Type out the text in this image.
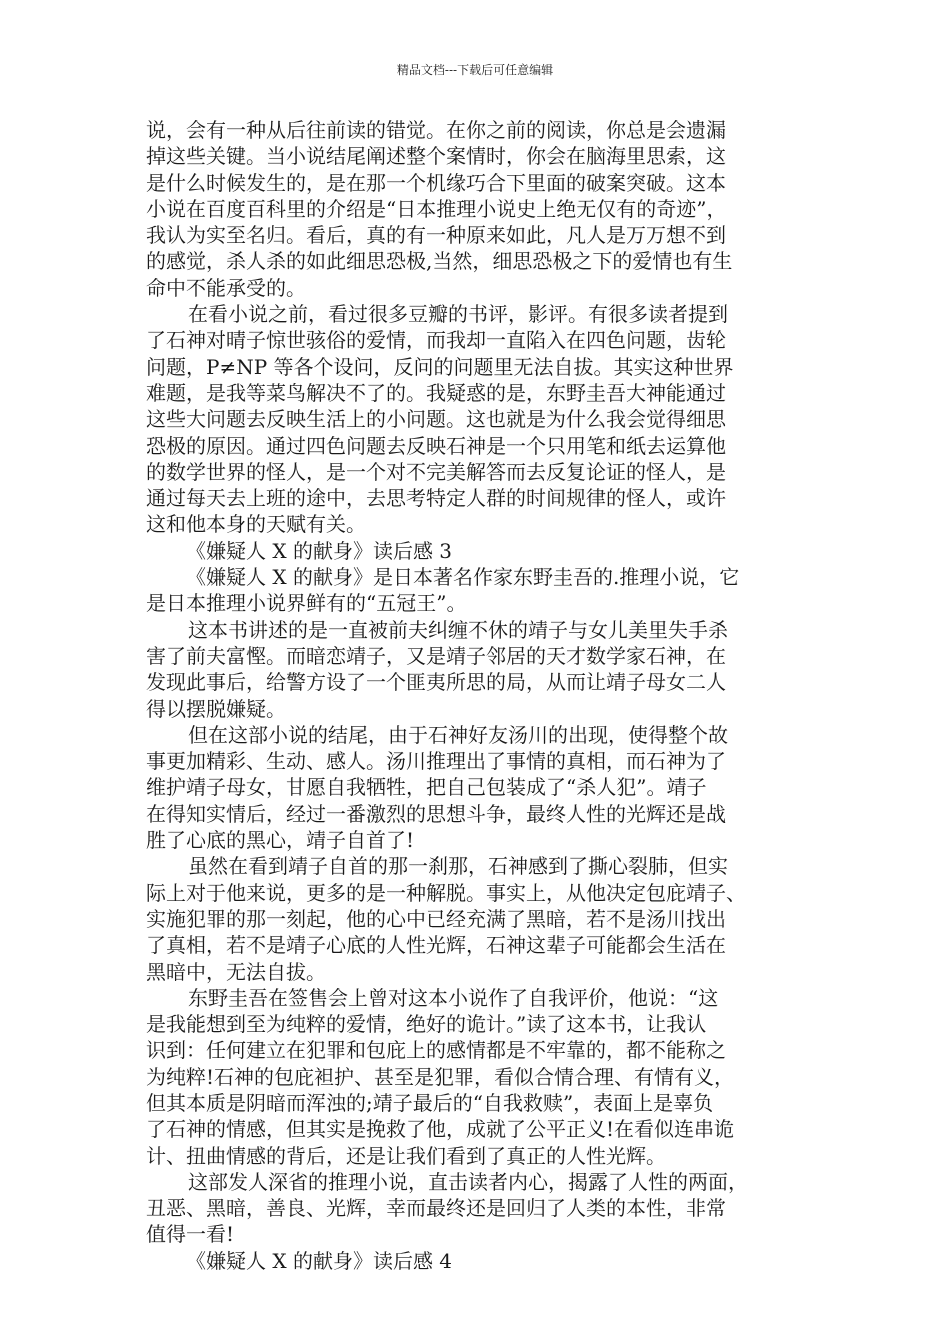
精品文档---下载后可任意编辑
说，会有一种从后往前读的错觉。在你之前的阅读，你总是会遗漏
掉这些关键。当小说结尾阐述整个案情时，你会在脑海里思索，这
是什么时候发生的，是在那一个机缘巧合下里面的破案突破。这本
小说在百度百科里的介绍是“日本推理小说史上绝无仅有的奇迹”，
我认为实至名归。看后，真的有一种原来如此，凡人是万万想不到
的感觉，杀人杀的如此细思恐极,当然，细思恐极之下的爱情也有生
命中不能承受的。
在看小说之前，看过很多豆瓣的书评，影评。有很多读者提到
了石神对晴子惊世骇俗的爱情，而我却一直陷入在四色问题，齿轮
问题，P≠NP 等各个设问，反问的问题里无法自拔。其实这种世界
难题，是我等菜鸟解决不了的。我疑惑的是，东野圭吾大神能通过
这些大问题去反映生活上的小问题。这也就是为什么我会觉得细思
恐极的原因。通过四色问题去反映石神是一个只用笔和纸去运算他
的数学世界的怪人，是一个对不完美解答而去反复论证的怪人，是
通过每天去上班的途中，去思考特定人群的时间规律的怪人，或许
这和他本身的天赋有关。
《嫌疑人 X 的献身》读后感 3
《嫌疑人 X 的献身》是日本著名作家东野圭吾的.推理小说，它
是日本推理小说界鲜有的“五冠王”。
这本书讲述的是一直被前夫纠缠不休的靖子与女儿美里失手杀
害了前夫富慳。而暗恋靖子，又是靖子邻居的天才数学家石神，在
发现此事后，给警方设了一个匪夷所思的局，从而让靖子母女二人
得以摆脱嫌疑。
但在这部小说的结尾，由于石神好友汤川的出现，使得整个故
事更加精彩、生动、感人。汤川推理出了事情的真相，而石神为了
维护靖子母女，甘愿自我牺牲，把自己包装成了“杀人犯”。靖子
在得知实情后，经过一番激烈的思想斗争，最终人性的光辉还是战
胜了心底的黑心，靖子自首了!
虽然在看到靖子自首的那一刹那，石神感到了撕心裂肺，但实
际上对于他来说，更多的是一种解脱。事实上，从他决定包庇靖子、
实施犯罪的那一刻起，他的心中已经充满了黑暗，若不是汤川找出
了真相，若不是靖子心底的人性光辉，石神这辈子可能都会生活在
黑暗中，无法自拔。
东野圭吾在签售会上曾对这本小说作了自我评价，他说：“这
是我能想到至为纯粹的爱情，绝好的诡计。”读了这本书，让我认
识到：任何建立在犯罪和包庇上的感情都是不牢靠的，都不能称之
为纯粹!石神的包庇袒护、甚至是犯罪，看似合情合理、有情有义，
但其本质是阴暗而浑浊的;靖子最后的“自我救赎”，表面上是辜负
了石神的情感，但其实是挽救了他，成就了公平正义!在看似连串诡
计、扭曲情感的背后，还是让我们看到了真正的人性光辉。
这部发人深省的推理小说，直击读者内心，揭露了人性的两面，
丑恶、黑暗，善良、光辉，幸而最终还是回归了人类的本性，非常
值得一看!
《嫌疑人 X 的献身》读后感 4
